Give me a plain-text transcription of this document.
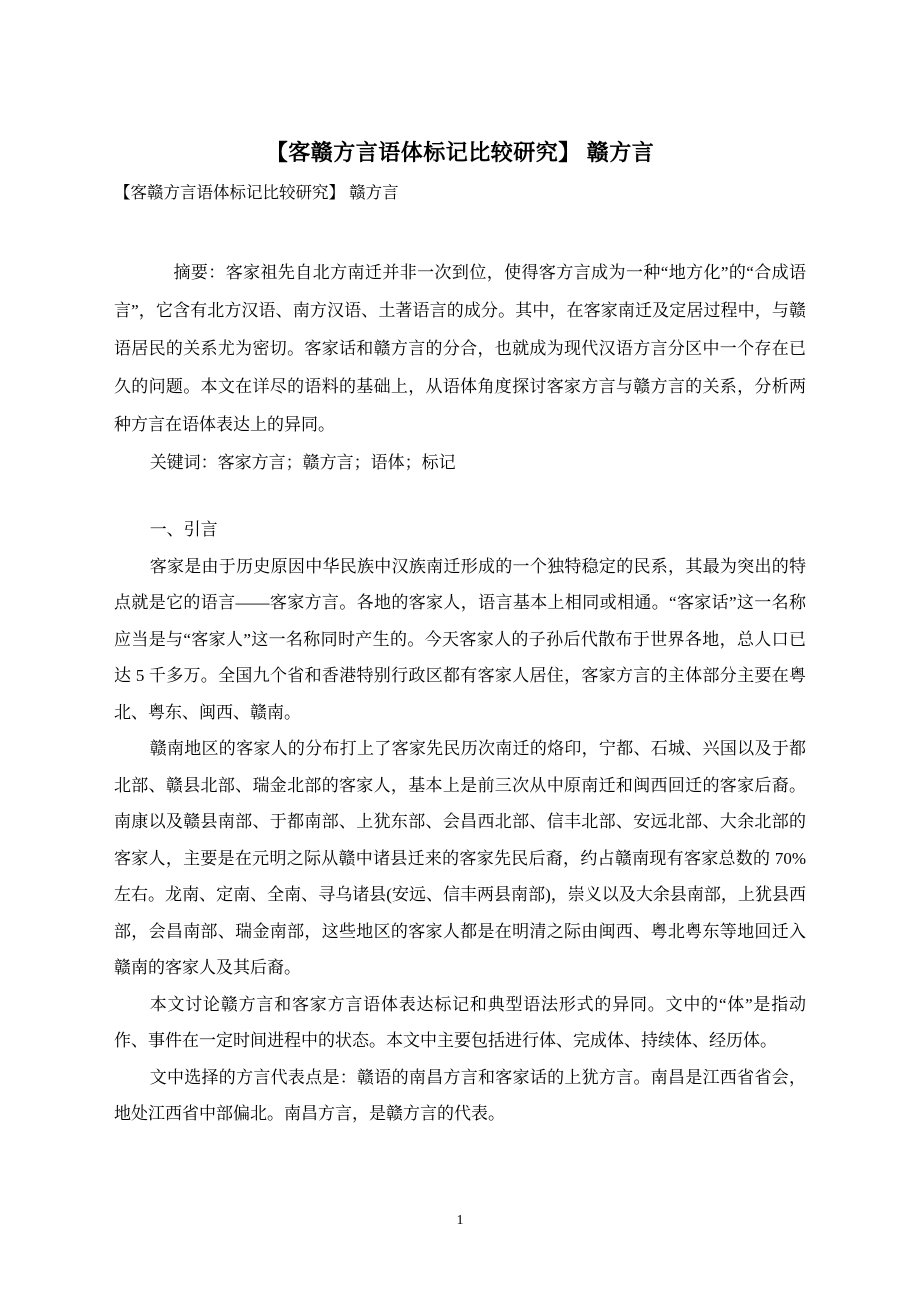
【客赣方言语体标记比较研究】 赣方言

【客赣方言语体标记比较研究】 赣方言

摘要：客家祖先自北方南迁并非一次到位，使得客方言成为一种“地方化”的“合成语言”，它含有北方汉语、南方汉语、土著语言的成分。其中，在客家南迁及定居过程中，与赣语居民的关系尤为密切。客家话和赣方言的分合，也就成为现代汉语方言分区中一个存在已久的问题。本文在详尽的语料的基础上，从语体角度探讨客家方言与赣方言的关系，分析两种方言在语体表达上的异同。

关键词：客家方言；赣方言；语体；标记

一、引言

客家是由于历史原因中华民族中汉族南迁形成的一个独特稳定的民系，其最为突出的特点就是它的语言――客家方言。各地的客家人，语言基本上相同或相通。“客家话”这一名称应当是与“客家人”这一名称同时产生的。今天客家人的子孙后代散布于世界各地，总人口已达 5 千多万。全国九个省和香港特别行政区都有客家人居住，客家方言的主体部分主要在粤北、粤东、闽西、赣南。

赣南地区的客家人的分布打上了客家先民历次南迁的烙印，宁都、石城、兴国以及于都北部、赣县北部、瑞金北部的客家人，基本上是前三次从中原南迁和闽西回迁的客家后裔。南康以及赣县南部、于都南部、上犹东部、会昌西北部、信丰北部、安远北部、大余北部的客家人，主要是在元明之际从赣中诸县迁来的客家先民后裔，约占赣南现有客家总数的 70%左右。龙南、定南、全南、寻乌诸县(安远、信丰两县南部)，崇义以及大余县南部，上犹县西部，会昌南部、瑞金南部，这些地区的客家人都是在明清之际由闽西、粤北粤东等地回迁入赣南的客家人及其后裔。

本文讨论赣方言和客家方言语体表达标记和典型语法形式的异同。文中的“体”是指动作、事件在一定时间进程中的状态。本文中主要包括进行体、完成体、持续体、经历体。

文中选择的方言代表点是：赣语的南昌方言和客家话的上犹方言。南昌是江西省省会，地处江西省中部偏北。南昌方言，是赣方言的代表。

1
